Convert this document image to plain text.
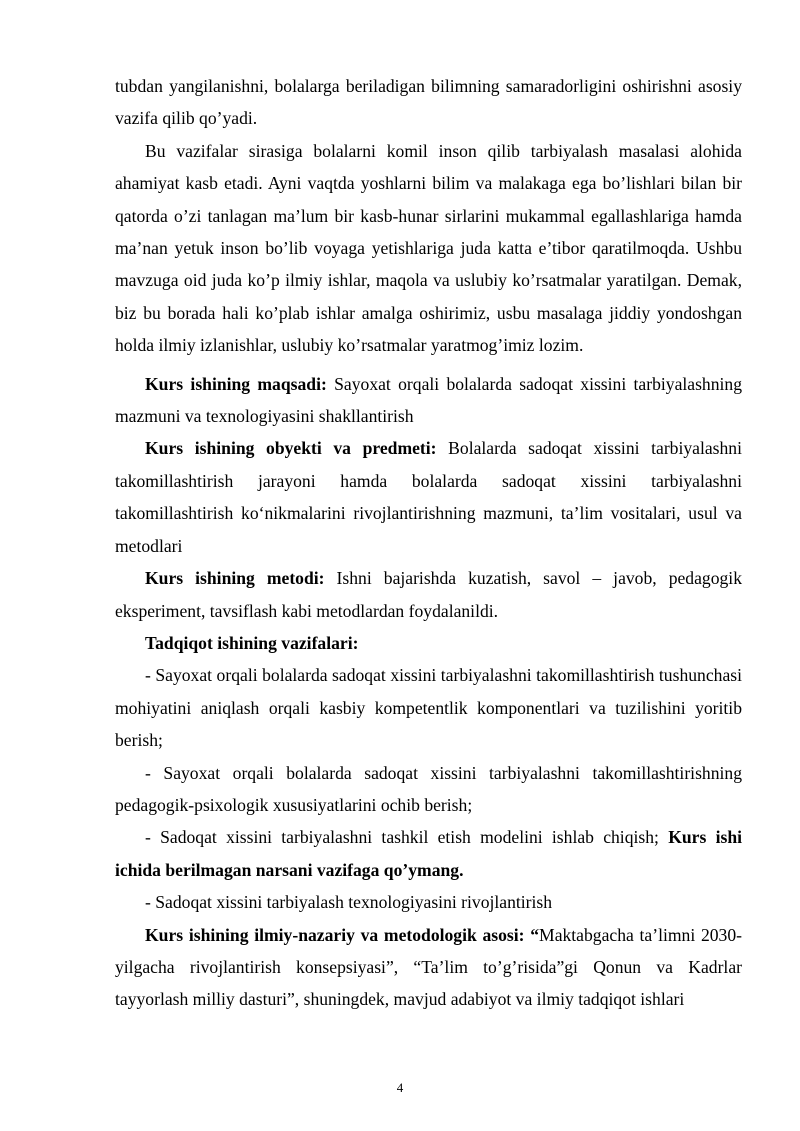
tubdan yangilanishni, bolalarga beriladigan bilimning samaradorligini oshirishni asosiy vazifa qilib qo’yadi.

Bu vazifalar sirasiga bolalarni komil inson qilib tarbiyalash masalasi alohida ahamiyat kasb etadi. Ayni vaqtda yoshlarni bilim va malakaga ega bo’lishlari bilan bir qatorda o’zi tanlagan ma’lum bir kasb-hunar sirlarini mukammal egallashlariga hamda ma’nan yetuk inson bo’lib voyaga yetishlariga juda katta e’tibor qaratilmoqda. Ushbu mavzuga oid juda ko’p ilmiy ishlar, maqola va uslubiy ko’rsatmalar yaratilgan. Demak, biz bu borada hali ko’plab ishlar amalga oshirimiz, usbu masalaga jiddiy yondoshgan holda ilmiy izlanishlar, uslubiy ko’rsatmalar yaratmog’imiz lozim.

Kurs ishining maqsadi: Sayoxat orqali bolalarda sadoqat xissini tarbiyalashning mazmuni va texnologiyasini shakllantirish

Kurs ishining obyekti va predmeti: Bolalarda sadoqat xissini tarbiyalashni takomillashtirish jarayoni hamda bolalarda sadoqat xissini tarbiyalashni takomillashtirish ko‘nikmalarini rivojlantirishning mazmuni, ta’lim vositalari, usul va metodlari

Kurs ishining metodi: Ishni bajarishda kuzatish, savol – javob, pedagogik eksperiment, tavsiflash kabi metodlardan foydalanildi.

Tadqiqot ishining vazifalari:

- Sayoxat orqali bolalarda sadoqat xissini tarbiyalashni takomillashtirish tushunchasi mohiyatini aniqlash orqali kasbiy kompetentlik komponentlari va tuzilishini yoritib berish;

- Sayoxat orqali bolalarda sadoqat xissini tarbiyalashni takomillashtirishning pedagogik-psixologik xususiyatlarini ochib berish;

- Sadoqat xissini tarbiyalashni tashkil etish modelini ishlab chiqish; Kurs ishi ichida berilmagan narsani vazifaga qo’ymang.

- Sadoqat xissini tarbiyalash texnologiyasini rivojlantirish

Kurs ishining ilmiy-nazariy va metodologik asosi: “Maktabgacha ta’limni 2030-yilgacha rivojlantirish konsepsiyasi”, “Ta’lim to’g’risida”gi Qonun va Kadrlar tayyorlash milliy dasturi”, shuningdek, mavjud adabiyot va ilmiy tadqiqot ishlari

4
